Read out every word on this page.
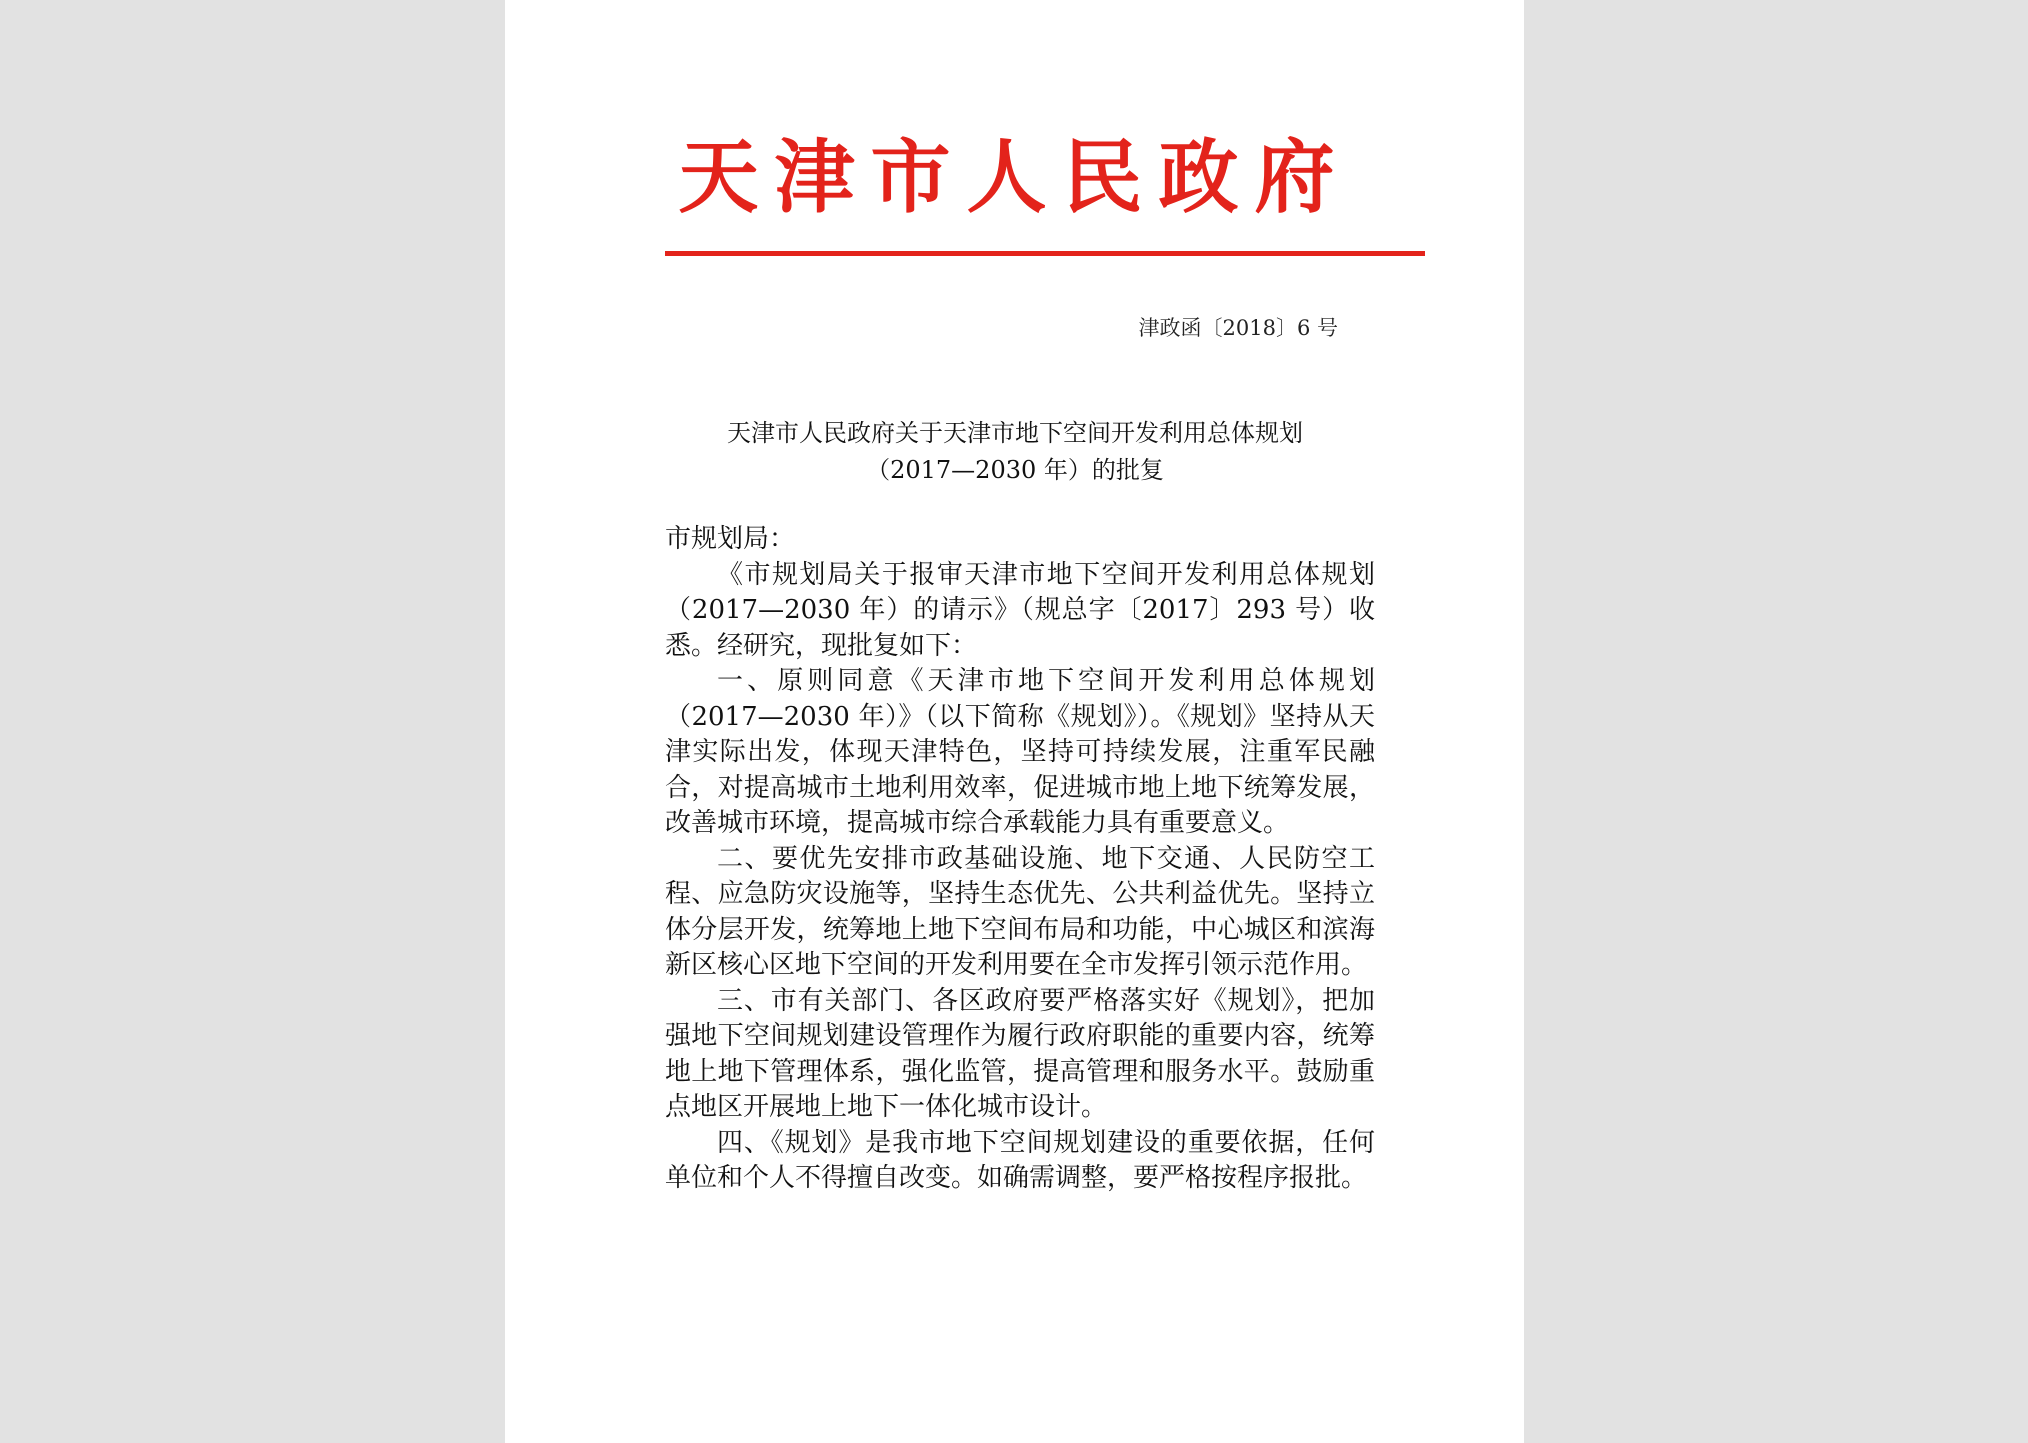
天津市人民政府
津政函〔2018〕6 号
天津市人民政府关于天津市地下空间开发利用总体规划
（2017—2030 年）的批复

市规划局：

《市规划局关于报审天津市地下空间开发利用总体规划（2017—2030 年）的请示》（规总字〔2017〕293 号）收悉。经研究，现批复如下：

一、原则同意《天津市地下空间开发利用总体规划（2017—2030 年）》（以下简称《规划》）。《规划》坚持从天津实际出发，体现天津特色，坚持可持续发展，注重军民融合，对提高城市土地利用效率，促进城市地上地下统筹发展，改善城市环境，提高城市综合承载能力具有重要意义。

二、要优先安排市政基础设施、地下交通、人民防空工程、应急防灾设施等，坚持生态优先、公共利益优先。坚持立体分层开发，统筹地上地下空间布局和功能，中心城区和滨海新区核心区地下空间的开发利用要在全市发挥引领示范作用。

三、市有关部门、各区政府要严格落实好《规划》，把加强地下空间规划建设管理作为履行政府职能的重要内容，统筹地上地下管理体系，强化监管，提高管理和服务水平。鼓励重点地区开展地上地下一体化城市设计。

四、《规划》是我市地下空间规划建设的重要依据，任何单位和个人不得擅自改变。如确需调整，要严格按程序报批。
